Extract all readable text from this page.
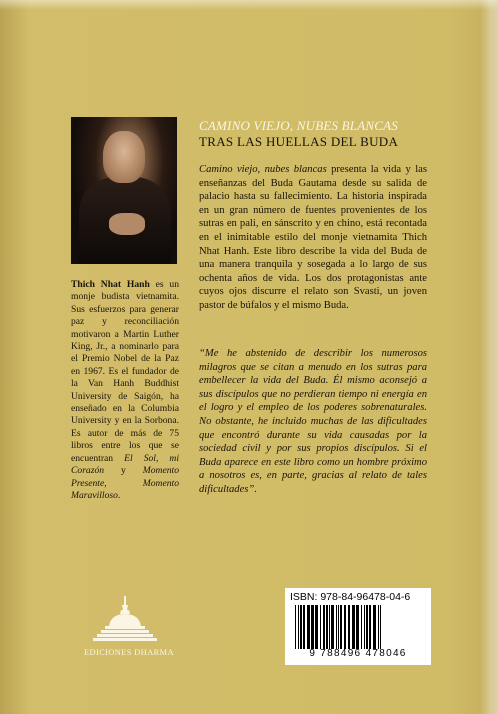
Thich Nhat Hanh es un monje budista vietnamita. Sus esfuerzos para generar paz y reconciliación motivaron a Martin Luther King, Jr., a nominarlo para el Premio Nobel de la Paz en 1967. Es el fundador de la Van Hanh Buddhist University de Saigón, ha enseñado en la Columbia University y en la Sorbona. Es autor de más de 75 libros entre los que se encuentran El Sol, mi Corazón y Momento Presente, Momento Maravilloso.

CAMINO VIEJO, NUBES BLANCAS

TRAS LAS HUELLAS DEL BUDA

Camino viejo, nubes blancas presenta la vida y las enseñanzas del Buda Gautama desde su salida de palacio hasta su fallecimiento. La historia inspirada en un gran número de fuentes provenientes de los sutras en pali, en sánscrito y en chino, está recontada en el inimitable estilo del monje vietnamita Thich Nhat Hanh. Este libro describe la vida del Buda de una manera tranquila y sosegada a lo largo de sus ochenta años de vida. Los dos protagonistas ante cuyos ojos discurre el relato son Svasti, un joven pastor de búfalos y el mismo Buda.

“Me he abstenido de describir los numerosos milagros que se citan a menudo en los sutras para embellecer la vida del Buda. Él mismo aconsejó a sus discípulos que no perdieran tiempo ni energía en el logro y el empleo de los poderes sobrenaturales. No obstante, he incluido muchas de las dificultades que encontró durante su vida causadas por la sociedad civil y por sus propios discípulos. Si el Buda aparece en este libro como un hombre próximo a nosotros es, en parte, gracias al relato de tales dificultades”.

EDICIONES DHARMA

ISBN: 978-84-96478-04-6
9 788496 478046
